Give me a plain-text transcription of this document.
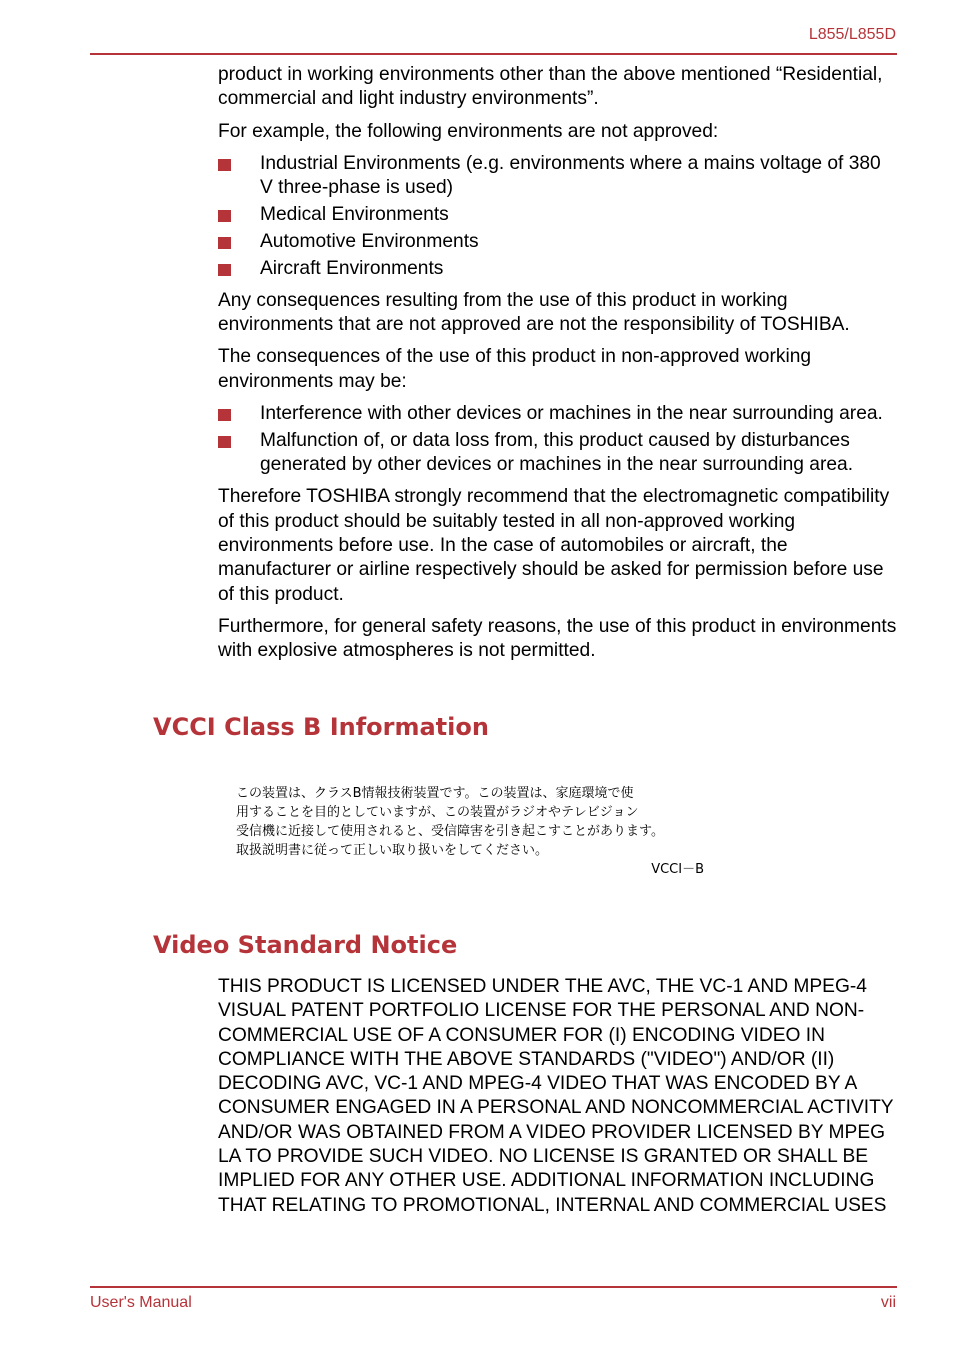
L855/L855D

product in working environments other than the above mentioned “Residential, commercial and light industry environments”.

For example, the following environments are not approved:

Industrial Environments (e.g. environments where a mains voltage of 380 V three-phase is used)
Medical Environments
Automotive Environments
Aircraft Environments

Any consequences resulting from the use of this product in working environments that are not approved are not the responsibility of TOSHIBA.

The consequences of the use of this product in non-approved working environments may be:

Interference with other devices or machines in the near surrounding area.
Malfunction of, or data loss from, this product caused by disturbances generated by other devices or machines in the near surrounding area.

Therefore TOSHIBA strongly recommend that the electromagnetic compatibility of this product should be suitably tested in all non-approved working environments before use. In the case of automobiles or aircraft, the manufacturer or airline respectively should be asked for permission before use of this product.

Furthermore, for general safety reasons, the use of this product in environments with explosive atmospheres is not permitted.

VCCI Class B Information
この装置は、クラスB情報技術装置です。この装置は、家庭環境で使
用することを目的としていますが、この装置がラジオやテレビジョン
受信機に近接して使用されると、受信障害を引き起こすことがあります。
取扱説明書に従って正しい取り扱いをしてください。
VCCI－B
Video Standard Notice
THIS PRODUCT IS LICENSED UNDER THE AVC, THE VC-1 AND MPEG-4 VISUAL PATENT PORTFOLIO LICENSE FOR THE PERSONAL AND NON-COMMERCIAL USE OF A CONSUMER FOR (I) ENCODING VIDEO IN COMPLIANCE WITH THE ABOVE STANDARDS ("VIDEO") AND/OR (II) DECODING AVC, VC-1 AND MPEG-4 VIDEO THAT WAS ENCODED BY A CONSUMER ENGAGED IN A PERSONAL AND NONCOMMERCIAL ACTIVITY AND/OR WAS OBTAINED FROM A VIDEO PROVIDER LICENSED BY MPEG LA TO PROVIDE SUCH VIDEO. NO LICENSE IS GRANTED OR SHALL BE IMPLIED FOR ANY OTHER USE. ADDITIONAL INFORMATION INCLUDING THAT RELATING TO PROMOTIONAL, INTERNAL AND COMMERCIAL USES
User's Manual	vii
